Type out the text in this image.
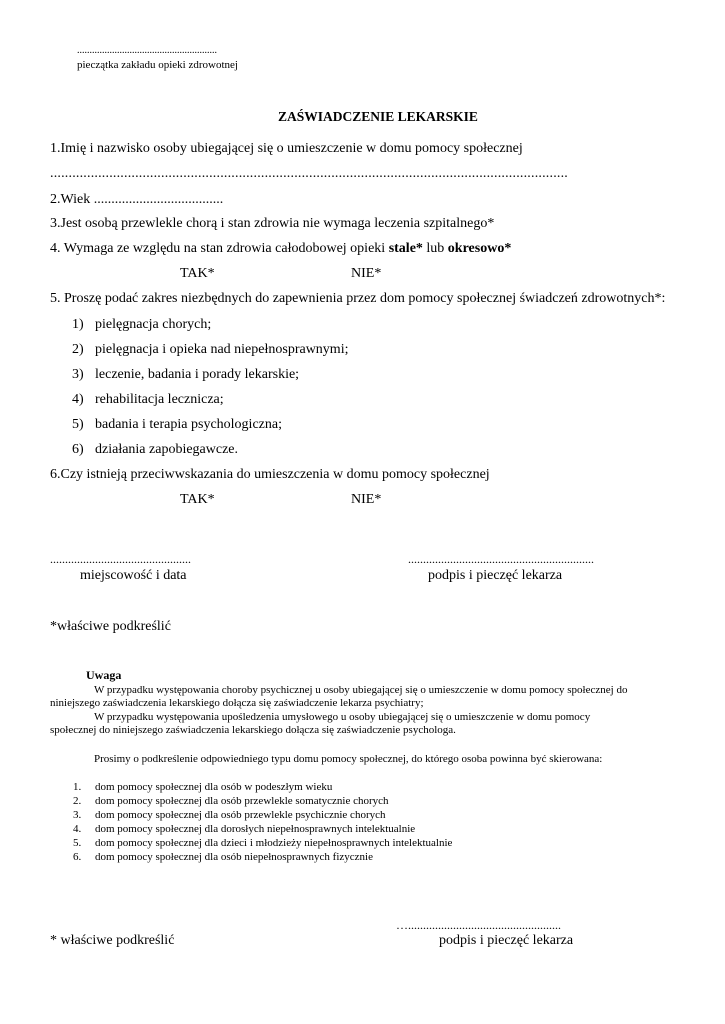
........................................................
pieczątka zakładu opieki zdrowotnej
ZAŚWIADCZENIE LEKARSKIE
1.Imię i nazwisko osoby ubiegającej się o umieszczenie w domu pomocy społecznej
............................................................................................................................................
2.Wiek .....................................
3.Jest osobą przewlekle chorą i stan zdrowia nie wymaga leczenia szpitalnego*
4. Wymaga ze względu na stan zdrowia całodobowej opieki stale* lub okresowo*
TAK*	NIE*
5. Proszę podać zakres niezbędnych do zapewnienia przez dom pomocy społecznej świadczeń zdrowotnych*:
1) pielęgnacja chorych;
2) pielęgnacja i opieka nad niepełnosprawnymi;
3) leczenie, badania i porady lekarskie;
4) rehabilitacja lecznicza;
5) badania i terapia psychologiczna;
6) działania zapobiegawcze.
6.Czy istnieją przeciwwskazania do umieszczenia w domu pomocy społecznej
TAK*	NIE*
...............................................
miejscowość i data
..............................................................
podpis i pieczęć lekarza
*właściwe podkreślić
Uwaga
W przypadku występowania choroby psychicznej u osoby ubiegającej się o umieszczenie w domu pomocy społecznej do
niniejszego zaświadczenia lekarskiego dołącza się zaświadczenie lekarza psychiatry;
W przypadku występowania upośledzenia umysłowego u osoby ubiegającej się o umieszczenie w domu pomocy
społecznej do niniejszego zaświadczenia lekarskiego dołącza się zaświadczenie psychologa.
Prosimy o podkreślenie odpowiedniego typu domu pomocy społecznej, do którego osoba powinna być skierowana:
1. dom pomocy społecznej dla osób w podeszłym wieku
2. dom pomocy społecznej dla osób przewlekle somatycznie chorych
3. dom pomocy społecznej dla osób przewlekle psychicznie chorych
4. dom pomocy społecznej dla dorosłych niepełnosprawnych intelektualnie
5. dom pomocy społecznej dla dzieci i młodzieży niepełnosprawnych intelektualnie
6. dom pomocy społecznej dla osób niepełnosprawnych fizycznie
…...................................................
* właściwe podkreślić	podpis i pieczęć lekarza
